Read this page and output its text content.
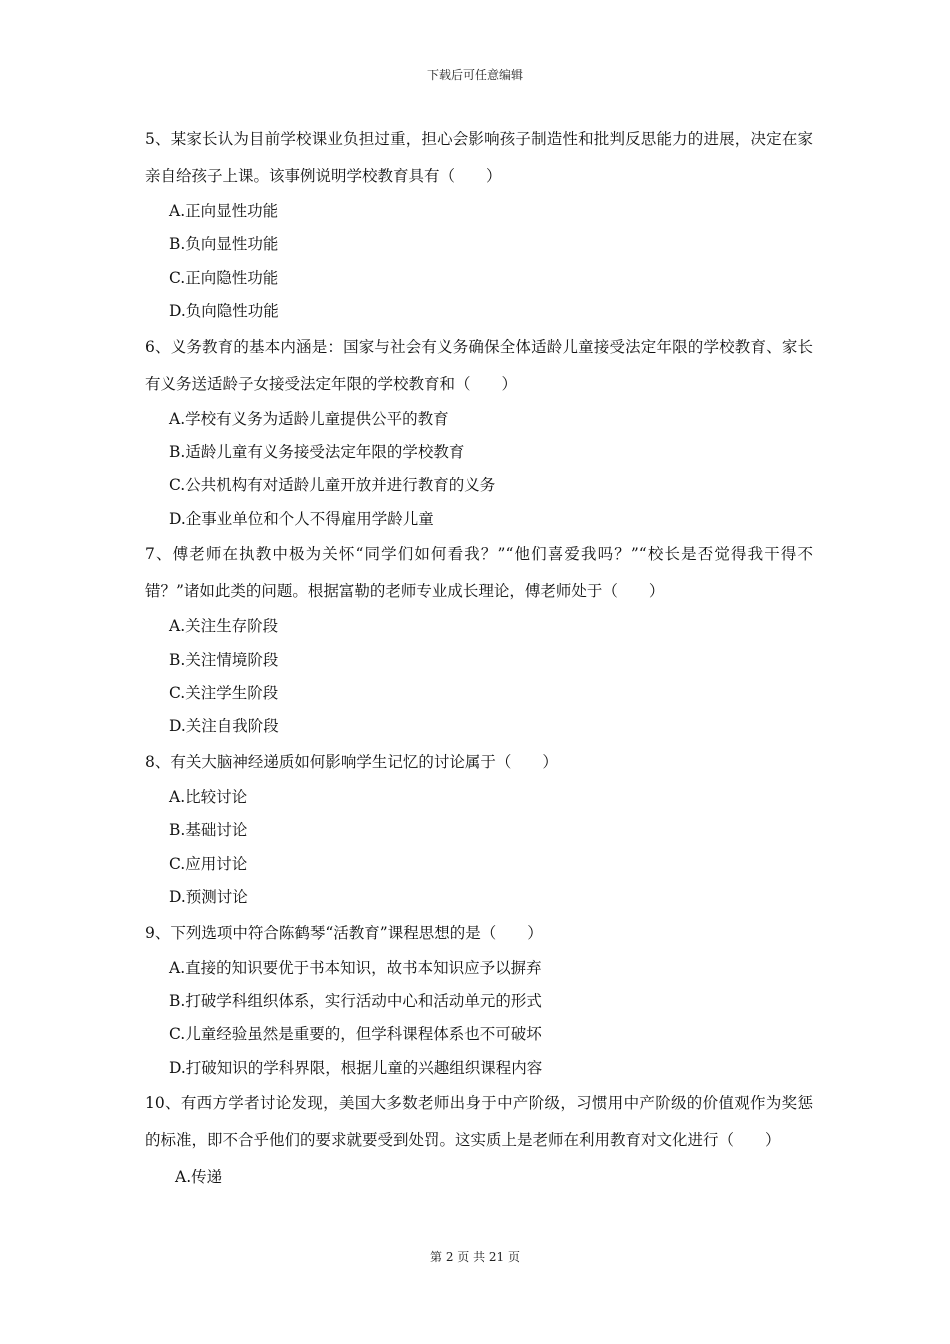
下载后可任意编辑

5、某家长认为目前学校课业负担过重，担心会影响孩子制造性和批判反思能力的进展，决定在家亲自给孩子上课。该事例说明学校教育具有（　　）

A.正向显性功能

B.负向显性功能

C.正向隐性功能

D.负向隐性功能

6、义务教育的基本内涵是：国家与社会有义务确保全体适龄儿童接受法定年限的学校教育、家长有义务送适龄子女接受法定年限的学校教育和（　　）

A.学校有义务为适龄儿童提供公平的教育

B.适龄儿童有义务接受法定年限的学校教育

C.公共机构有对适龄儿童开放并进行教育的义务

D.企事业单位和个人不得雇用学龄儿童

7、傅老师在执教中极为关怀“同学们如何看我？”“他们喜爱我吗？”“校长是否觉得我干得不错？”诸如此类的问题。根据富勒的老师专业成长理论，傅老师处于（　　）

A.关注生存阶段

B.关注情境阶段

C.关注学生阶段

D.关注自我阶段

8、有关大脑神经递质如何影响学生记忆的讨论属于（　　）

A.比较讨论

B.基础讨论

C.应用讨论

D.预测讨论

9、下列选项中符合陈鹤琴“活教育”课程思想的是（　　）

A.直接的知识要优于书本知识，故书本知识应予以摒弃

B.打破学科组织体系，实行活动中心和活动单元的形式

C.儿童经验虽然是重要的，但学科课程体系也不可破坏

D.打破知识的学科界限，根据儿童的兴趣组织课程内容

10、有西方学者讨论发现，美国大多数老师出身于中产阶级，习惯用中产阶级的价值观作为奖惩的标准，即不合乎他们的要求就要受到处罚。这实质上是老师在利用教育对文化进行（　　）

A.传递

第 2 页 共 21 页
